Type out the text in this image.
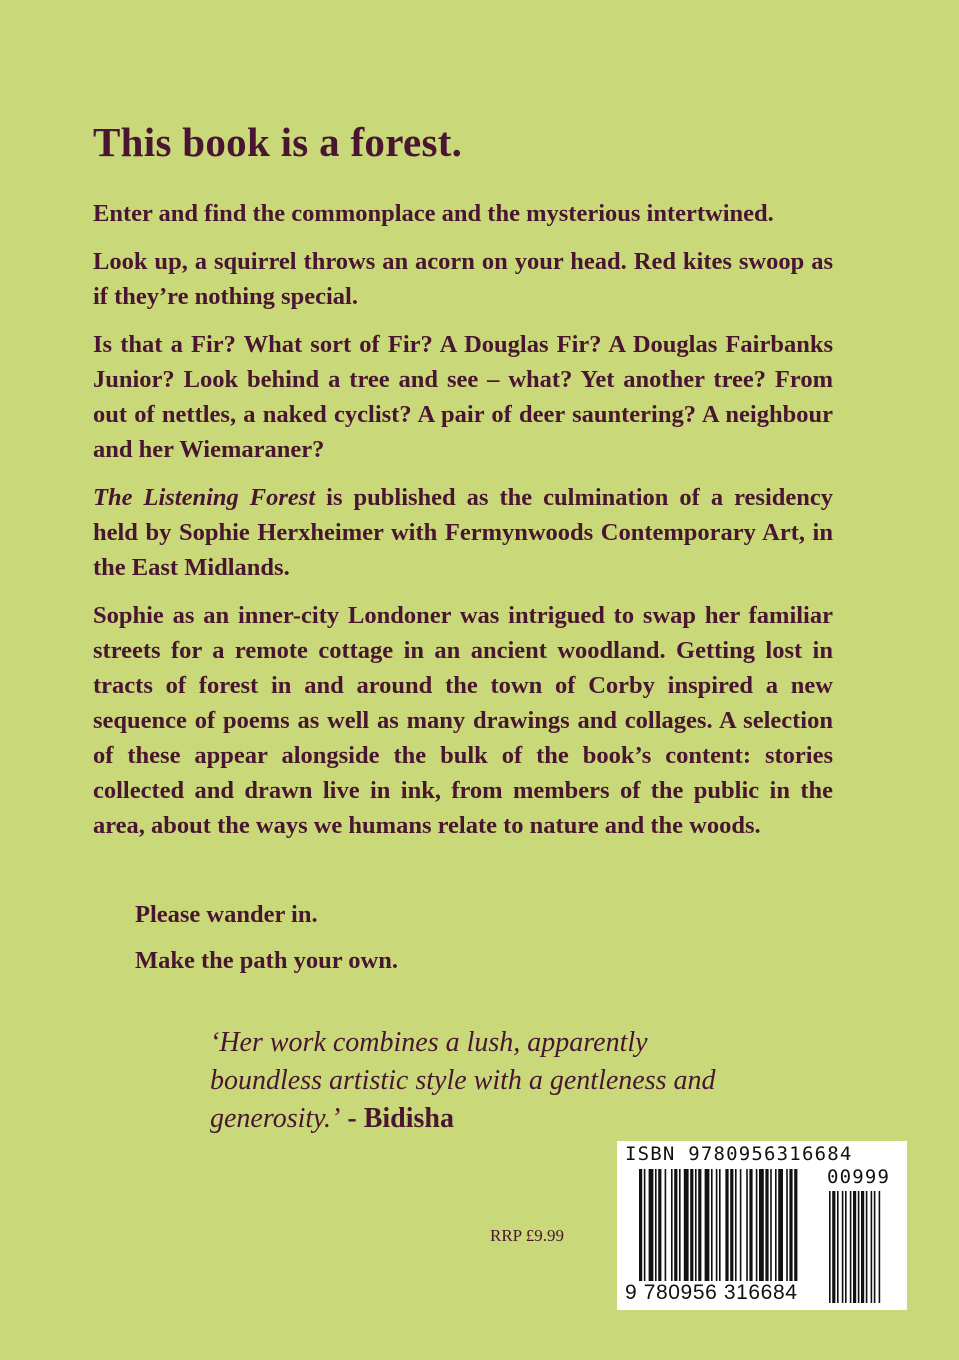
This book is a forest.

Enter and find the commonplace and the mysterious intertwined.

Look up, a squirrel throws an acorn on your head. Red kites swoop as if they’re nothing special.

Is that a Fir? What sort of Fir? A Douglas Fir? A Douglas Fairbanks Junior? Look behind a tree and see – what? Yet another tree? From out of nettles, a naked cyclist? A pair of deer sauntering? A neighbour and her Wiemaraner?

The Listening Forest is published as the culmination of a residency held by Sophie Herxheimer with Fermynwoods Contemporary Art, in the East Midlands.

Sophie as an inner-city Londoner was intrigued to swap her familiar streets for a remote cottage in an ancient woodland. Getting lost in tracts of forest in and around the town of Corby inspired a new sequence of poems as well as many drawings and collages. A selection of these appear alongside the bulk of the book’s content: stories collected and drawn live in ink, from members of the public in the area, about the ways we humans relate to nature and the woods.

Please wander in.

Make the path your own.

‘Her work combines a lush, apparently boundless artistic style with a gentleness and generosity.’ - Bidisha
RRP £9.99
ISBN 9780956316684
00999
9 780956 316684
